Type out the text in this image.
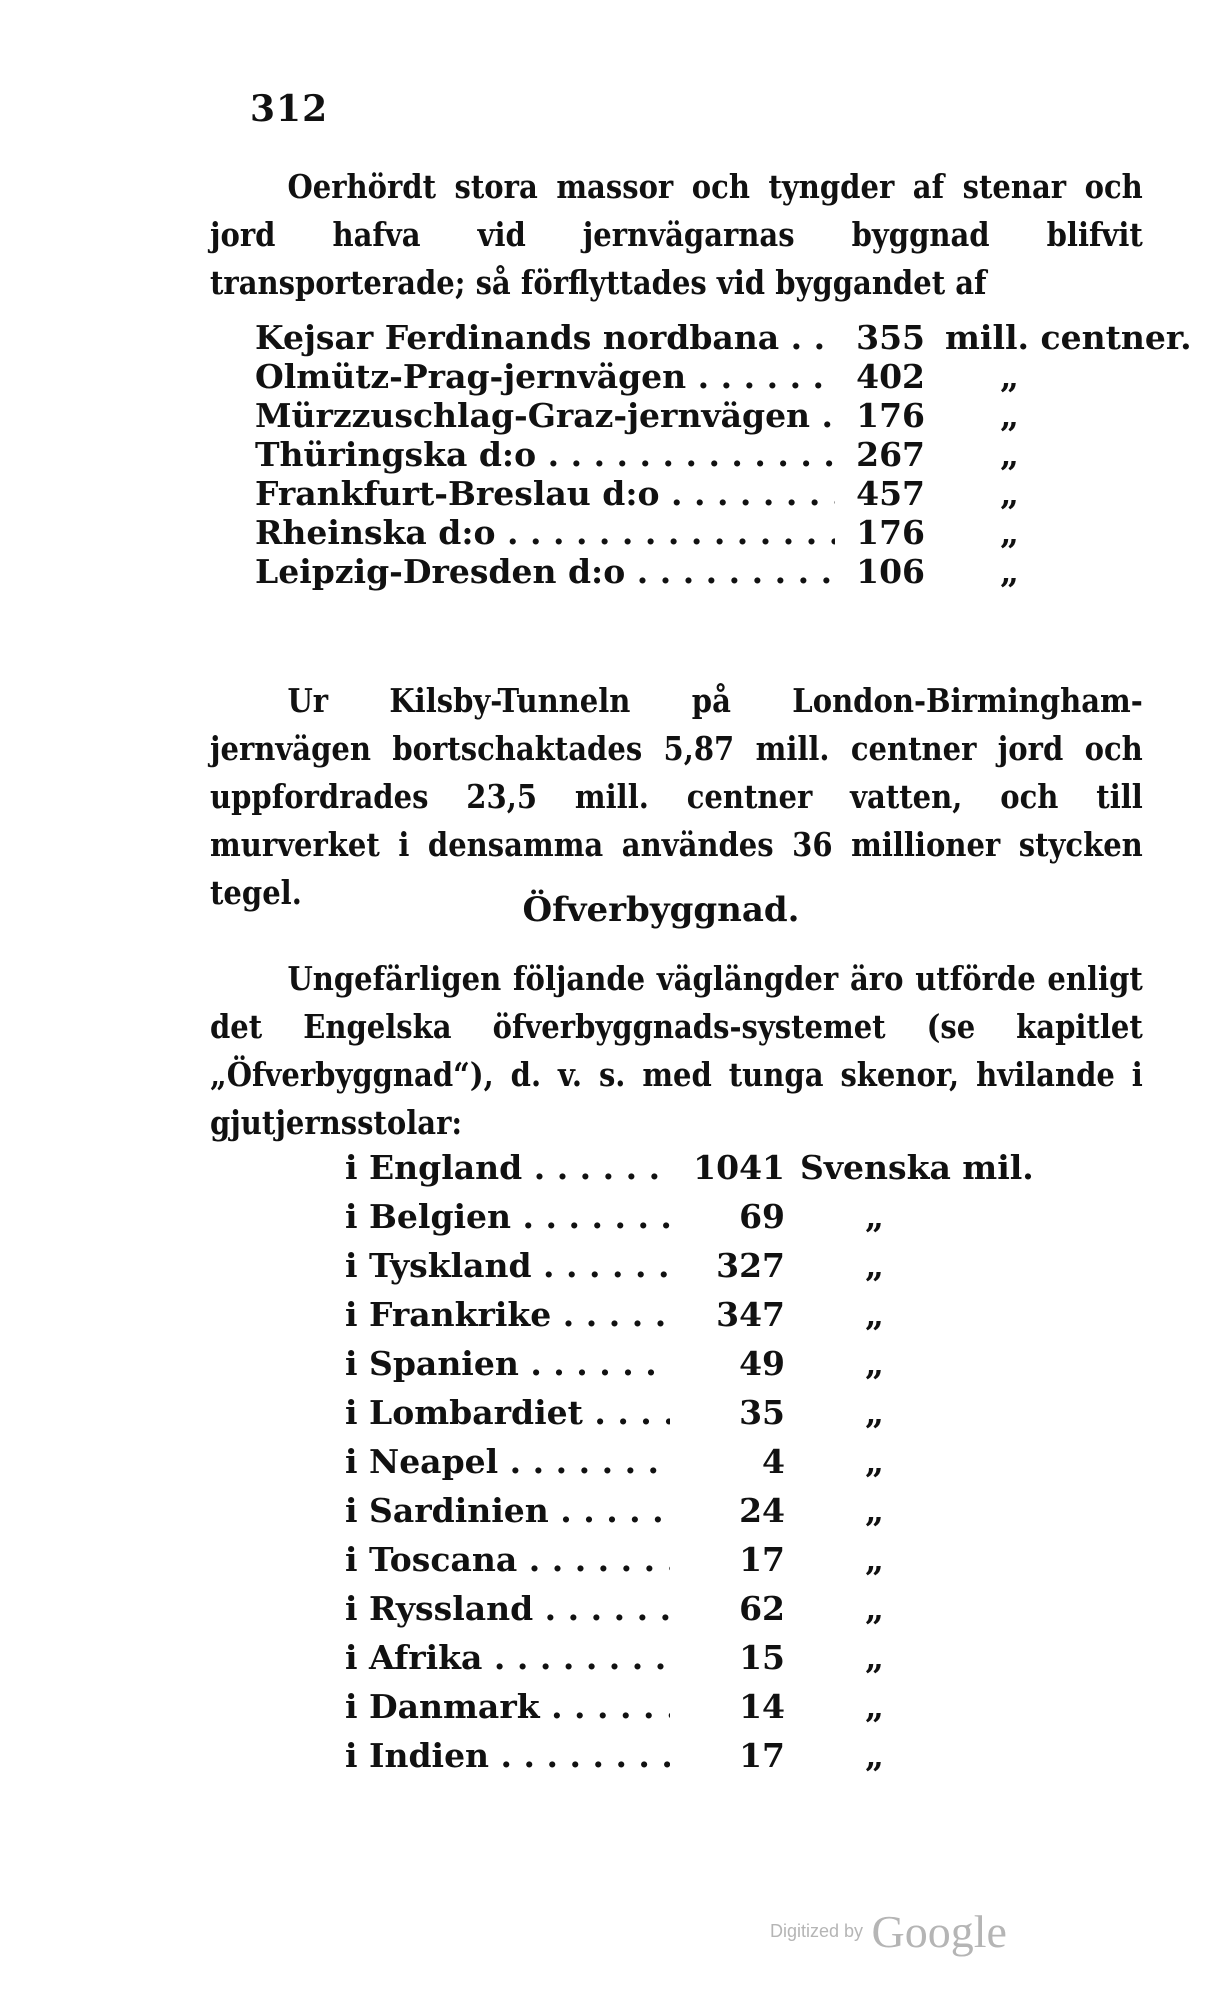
312
Oerhördt stora massor och tyngder af stenar och jord hafva vid jernvägarnas byggnad blifvit transporterade; så förflyttades vid byggandet af
Kejsar Ferdinands nordbana . . .	355 mill. centner.
Olmütz-Prag-jernvägen . . .	402 „
Mürzzuschlag-Graz-jernvägen . . .	176 „
Thüringska d:o . . .	267 „
Frankfurt-Breslau d:o . . .	457 „
Rheinska d:o . . .	176 „
Leipzig-Dresden d:o . . .	106 „
Ur Kilsby-Tunneln på London-Birmingham-jernvägen bortschaktades 5,87 mill. centner jord och uppfordrades 23,5 mill. centner vatten, och till murverket i densamma användes 36 millioner stycken tegel.	Öfverbyggnad.
Ungefärligen följande väglängder äro utförde enligt det Engelska öfverbyggnads-systemet (se kapitlet „Öfverbyggnad“), d. v. s. med tunga skenor, hvilande i gjutjernsstolar:
i England . . .	1041 Svenska mil.
i Belgien . . .	69 „
i Tyskland . . .	327 „
i Frankrike . . .	347 „
i Spanien . . .	49 „
i Lombardiet . . .	35 „
i Neapel . . .	4 „
i Sardinien . . .	24 „
i Toscana . . .	17 „
i Ryssland . . .	62 „
i Afrika . . .	15 „
i Danmark . . .	14 „
i Indien . . .	17 „
Digitized by Google
